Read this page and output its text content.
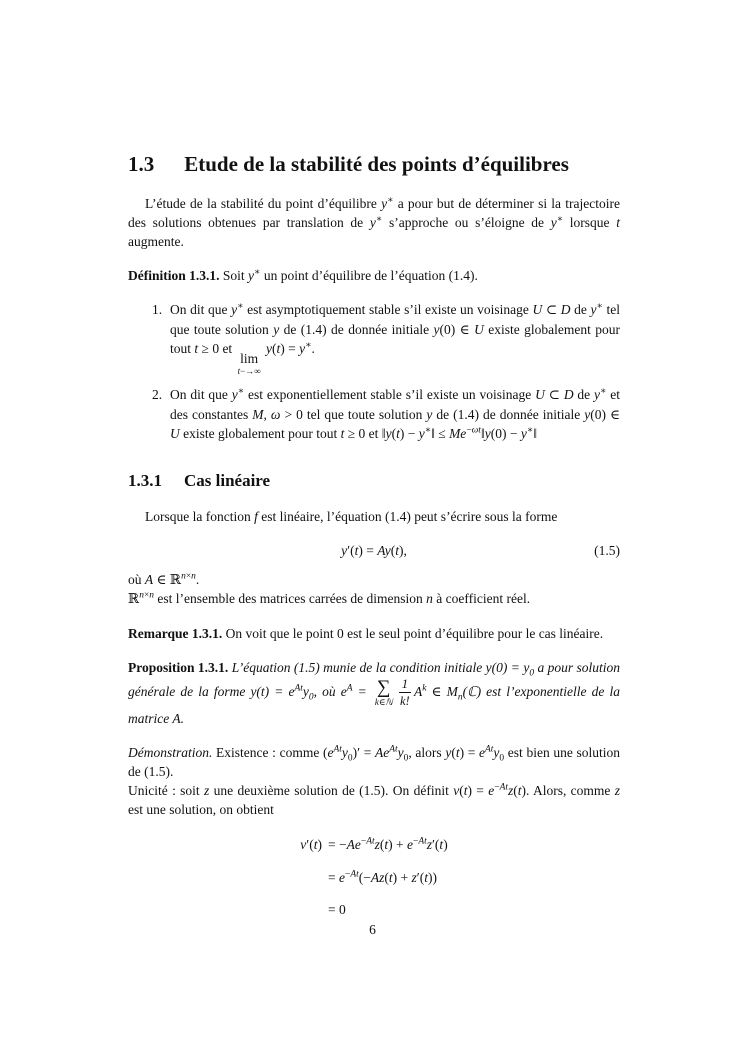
1.3 Etude de la stabilité des points d’équilibres

L’étude de la stabilité du point d’équilibre y∗ a pour but de déterminer si la trajectoire des solutions obtenues par translation de y∗ s’approche ou s’éloigne de y∗ lorsque t augmente.

Définition 1.3.1. Soit y∗ un point d’équilibre de l’équation (1.4).

1. On dit que y∗ est asymptotiquement stable s’il existe un voisinage U ⊂ D de y∗ tel que toute solution y de (1.4) de donnée initiale y(0) ∈ U existe globalement pour tout t ≥ 0 et
lim
t−→∞
y(t) = y∗.
2. On dit que y∗ est exponentiellement stable s’il existe un voisinage U ⊂ D de y∗ et des constantes M, ω > 0 tel que toute solution y de (1.4) de donnée initiale y(0) ∈ U existe globalement pour tout t ≥ 0 et ‖y(t) − y∗‖ ≤ $Me^{-\omega t}‖y(0)$ − y∗‖
1.3.1 Cas linéaire

Lorsque la fonction f est linéaire, l’équation (1.4) peut s’écrire sous la forme

y′(t) = Ay(t),	(1.5)

où A ∈ ℝ$^{n\times n}$.
ℝ$^{n\times n}$ est l’ensemble des matrices carrées de dimension n à coefficient réel.

Remarque 1.3.1. On voit que le point 0 est le seul point d’équilibre pour le cas linéaire.

Proposition 1.3.1. L’équation (1.5) munie de la condition initiale $y(0) = y_0$ a pour solution générale de la forme $y(t) = e^{At}y_0$, où $e^A$ = ∑
k∈ℕ $\frac{1}{k!} A^k$ ∈ $M_n(ℂ)$ est l’exponentielle de la matrice A.

Démonstration. Existence : comme $(e^{At}y_0)' = Ae^{At}y_0$, alors $y(t) = e^{At}y_0$ est bien une solution de (1.5).
Unicité : soit z une deuxième solution de (1.5). On définit $v(t) = e^{-At}z(t)$. Alors, comme z est une solution, on obtient

$v'(t) = -Ae^{-At}z(t) + e^{-At}z'(t)$
= $e^{-At}(-Az(t) + z'(t))$
= 0
6
